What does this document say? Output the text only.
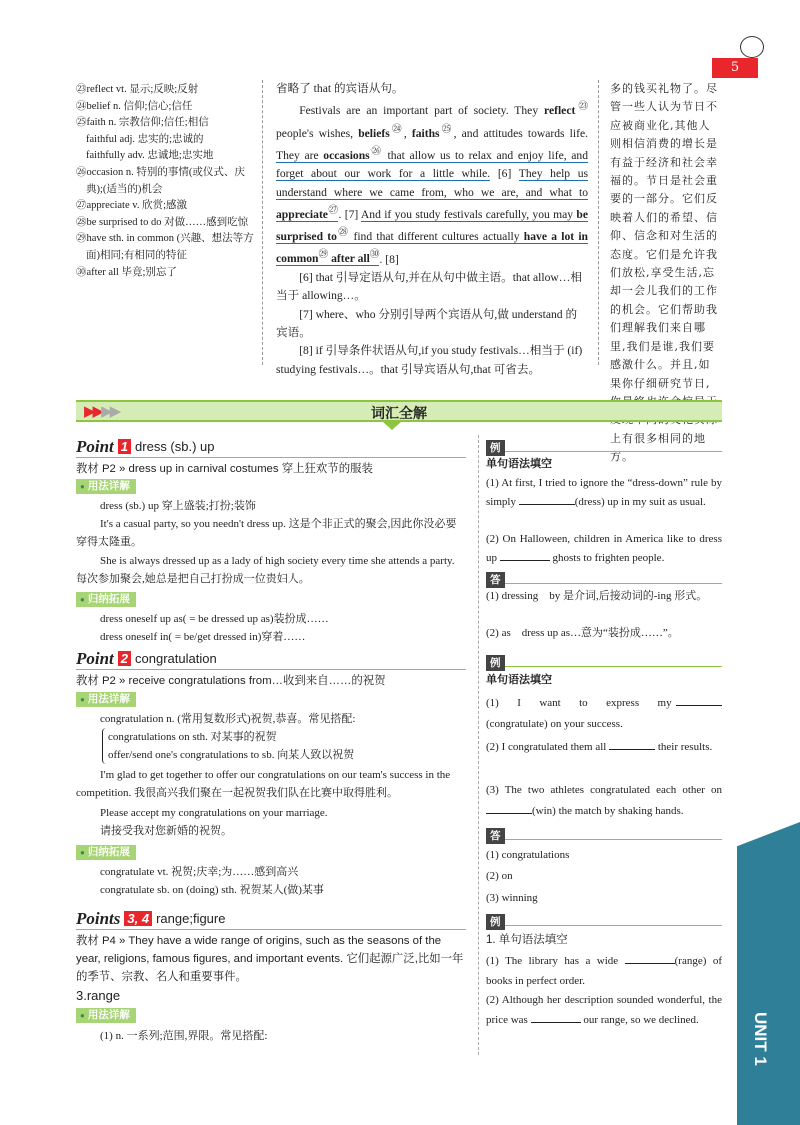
5
㉓reflect vt. 显示;反映;反射
㉔belief n. 信仰;信心;信任
㉕faith n. 宗教信仰;信任;相信
faithful adj. 忠实的;忠诚的
faithfully adv. 忠诚地;忠实地
㉖occasion n. 特别的事情(或仪式、庆
典);(适当的)机会
㉗appreciate v. 欣赏;感激
㉘be surprised to do 对做……感到吃惊
㉙have sth. in common (兴趣、想法等方
面)相同;有相同的特征
㉚after all 毕竟;别忘了

省略了 that 的宾语从句。

Festivals are an important part of society. They reflect$^㉓$ people's wishes, beliefs$^㉔$, faiths$^㉕$, and attitudes towards life. They are occasions$^㉖$ that allow us to relax and enjoy life, and forget about our work for a little while. [6] They help us understand where we came from, who we are, and what to appreciate$^㉗$. [7] And if you study festivals carefully, you may be surprised $to^㉘$ find that different cultures actually have a lot in common$^㉙$ after all$^㉚$. [8]

[6] that 引导定语从句,并在从句中做主语。that allow…相当于 allowing…。

[7] where、who 分别引导两个宾语从句,做 understand 的宾语。

[8] if 引导条件状语从句,if you study festivals…相当于 (if) studying festivals…。that 引导宾语从句,that 可省去。

多的钱买礼物了。尽管一些人认为节日不应被商业化,其他人则相信消费的增长是有益于经济和社会幸福的。节日是社会重要的一部分。它们反映着人们的希望、信仰、信念和对生活的态度。它们是允许我们放松,享受生活,忘却一会儿我们的工作的机会。它们帮助我们理解我们来自哪里,我们是谁,我们要感激什么。并且,如果你仔细研究节日, 上有很多相同的地方。
▶▶▶▶	词汇全解
Point 1 dress (sb.) up
教材 P2 » dress up in carnival costumes 穿上狂欢节的服装
● 用法详解
dress (sb.) up 穿上盛装;打扮;装饰
It's a casual party, so you needn't dress up. 这是个非正式的聚会,因此你没必要穿得太隆重。
She is always dressed up as a lady of high society every time she attends a party. 每次参加聚会,她总是把自己打扮成一位贵妇人。
● 归纳拓展
dress oneself up as( = be dressed up as)装扮成……
dress oneself in( = be/get dressed in)穿着……
Point 2 congratulation
教材 P2 » receive congratulations from…收到来自……的祝贺
● 用法详解
congratulation n. (常用复数形式)祝贺,恭喜。常见搭配:
congratulations on sth. 对某事的祝贺
offer/send one's congratulations to sb. 向某人致以祝贺
I'm glad to get together to offer our congratulations on our team's success in the competition. 我很高兴我们聚在一起祝贺我们队在比赛中取得胜利。
Please accept my congratulations on your marriage.
请接受我对您新婚的祝贺。
● 归纳拓展
congratulate vt. 祝贺;庆幸;为……感到高兴
congratulate sb. on (doing) sth. 祝贺某人(做)某事
Points 3, 4 range;figure
教材 P4 » They have a wide range of origins, such as the seasons of the year, religions, famous figures, and important events. 它们起源广泛,比如一年的季节、宗教、名人和重要事件。
3.range
● 用法详解
(1) n. 一系列;范围,界限。常见搭配:
例
单句语法填空
(1) At first, I tried to ignore the “dress-down” rule by simply	(dress) up in my suit as usual.
(2) On Halloween, children in America like to dress up	ghosts to frighten people.
答
(1) dressing　by 是介词,后接动词的-ing 形式。
(2) as　dress up as…意为“装扮成……”。
例
单句语法填空
(1) I want to express my  (congratulate) on your success.
(2) I congratulated them all	their results.
(3) The two athletes congratulated each other on (win) the match by shaking hands.
答
(1) congratulations
(2) on
(3) winning
例
1. 单句语法填空
(1) The library has a wide	(range) of books in perfect order.
(2) Although her description sounded wonderful, the price was	our range, so we declined.	UNIT 1
